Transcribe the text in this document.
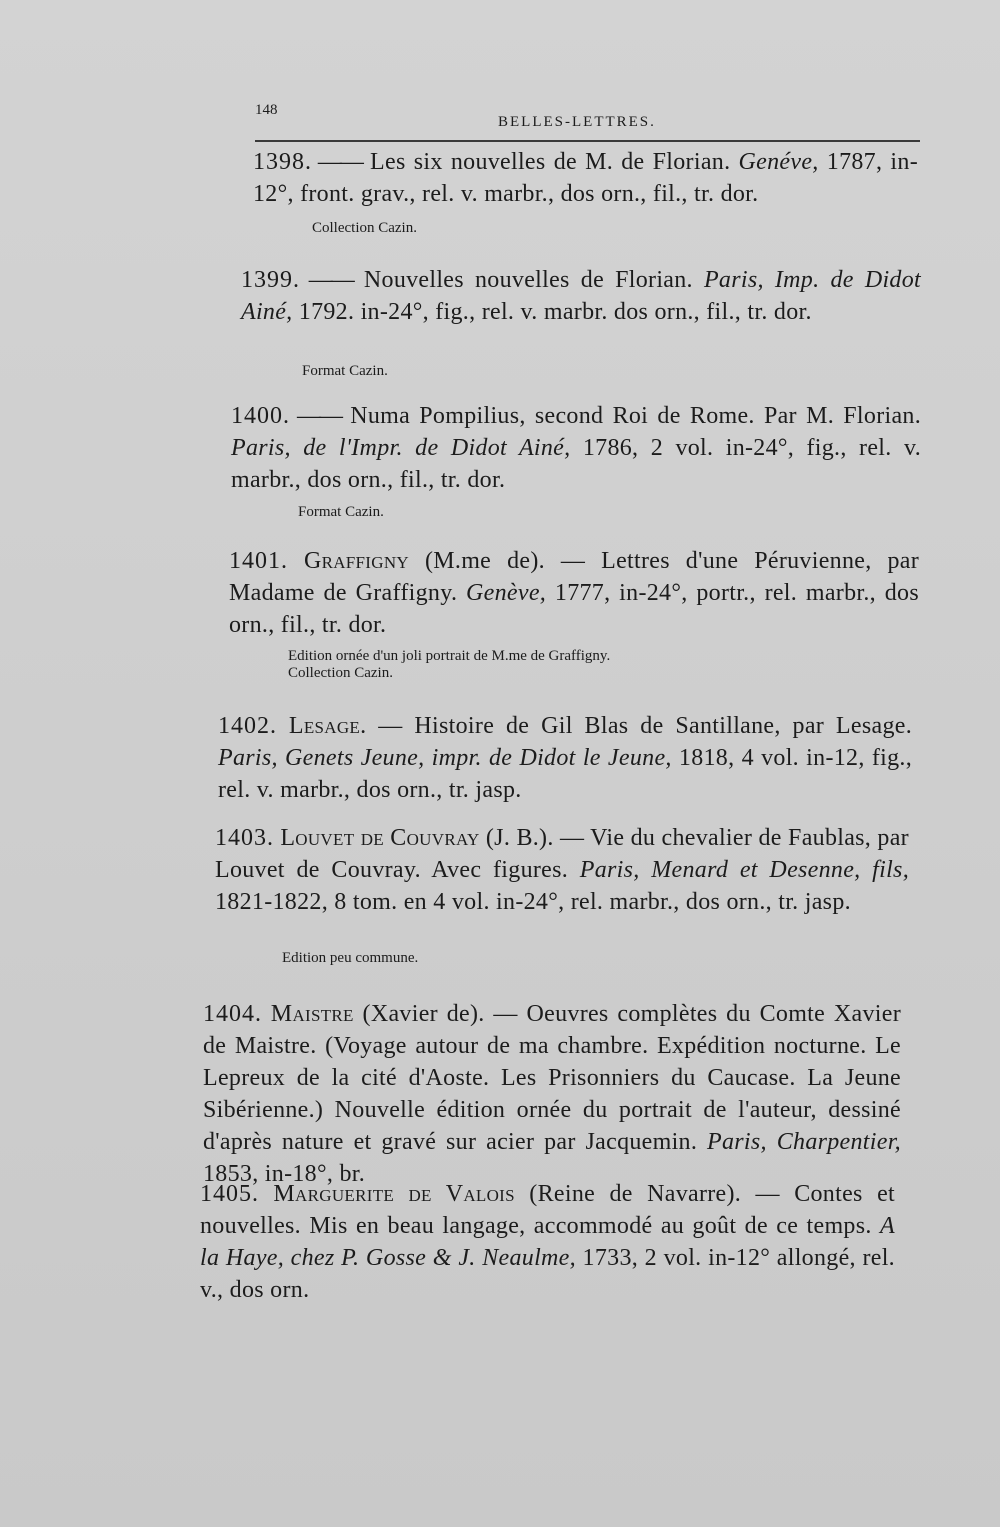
148
BELLES-LETTRES.

1398. —— Les six nouvelles de M. de Florian. Genéve, 1787, in-12°, front. grav., rel. v. marbr., dos orn., fil., tr. dor.

Collection Cazin.

1399. —— Nouvelles nouvelles de Florian. Paris, Imp. de Didot Ainé, 1792. in-24°, fig., rel. v. marbr. dos orn., fil., tr. dor.

Format Cazin.

1400. —— Numa Pompilius, second Roi de Rome. Par M. Florian. Paris, de l'Impr. de Didot Ainé, 1786, 2 vol. in-24°, fig., rel. v. marbr., dos orn., fil., tr. dor.

Format Cazin.

1401. Graffigny (M.me de). — Lettres d'une Péruvienne, par Madame de Graffigny. Genève, 1777, in-24°, portr., rel. marbr., dos orn., fil., tr. dor.

Edition ornée d'un joli portrait de M.me de Graffigny.
Collection Cazin.

1402. Lesage. — Histoire de Gil Blas de Santillane, par Lesage. Paris, Genets Jeune, impr. de Didot le Jeune, 1818, 4 vol. in-12, fig., rel. v. marbr., dos orn., tr. jasp.

1403. Louvet de Couvray (J. B.). — Vie du chevalier de Faublas, par Louvet de Couvray. Avec figures. Paris, Menard et Desenne, fils, 1821-1822, 8 tom. en 4 vol. in-24°, rel. marbr., dos orn., tr. jasp.

Edition peu commune.

1404. Maistre (Xavier de). — Oeuvres complètes du Comte Xavier de Maistre. (Voyage autour de ma chambre. Expédition nocturne. Le Lepreux de la cité d'Aoste. Les Prisonniers du Caucase. La Jeune Sibérienne.) Nouvelle édition ornée du portrait de l'auteur, dessiné d'après nature et gravé sur acier par Jacquemin. Paris, Charpentier, 1853, in-18°, br.

1405. Marguerite de Valois (Reine de Navarre). — Contes et nouvelles. Mis en beau langage, accommodé au goût de ce temps. A la Haye, chez P. Gosse & J. Neaulme, 1733, 2 vol. in-12° allongé, rel. v., dos orn.
